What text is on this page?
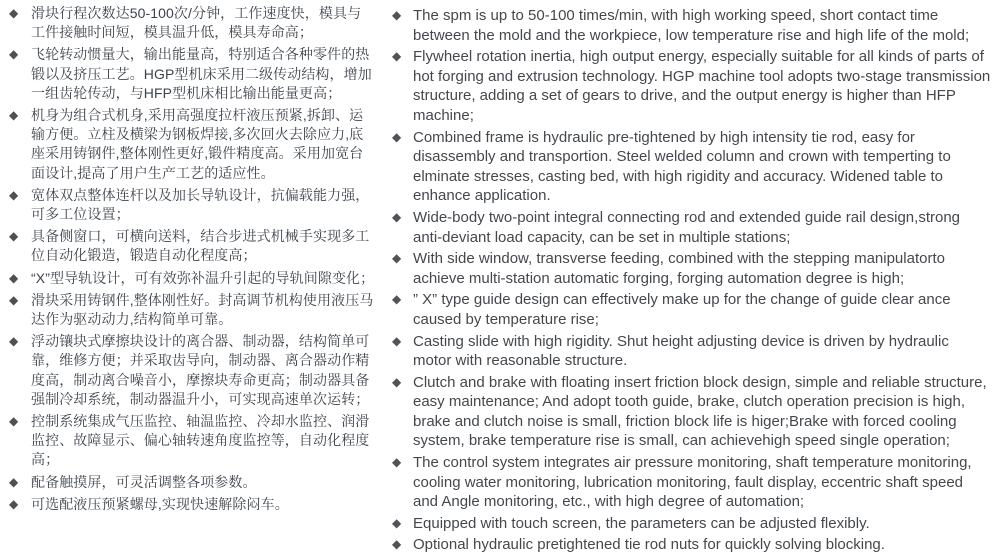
◆ 滑块行程次数达50-100次/分钟，工作速度快，模具与工件接触时间短，模具温升低，模具寿命高；
◆ 飞轮转动惯量大，输出能量高，特别适合各种零件的热锻以及挤压工艺。HGP型机床采用二级传动结构，增加一组齿轮传动，与HFP型机床相比输出能量更高；
◆ 机身为组合式机身,采用高强度拉杆液压预紧,拆卸、运输方便。立柱及横梁为钢板焊接,多次回火去除应力,底座采用铸钢件,整体刚性更好,锻件精度高。采用加宽台面设计,提高了用户生产工艺的适应性。
◆ 宽体双点整体连杆以及加长导轨设计，抗偏载能力强，可多工位设置；
◆ 具备侧窗口，可横向送料，结合步进式机械手实现多工位自动化锻造，锻造自动化程度高；
◆ “X”型导轨设计，可有效弥补温升引起的导轨间隙变化；
◆ 滑块采用铸钢件,整体刚性好。封高调节机构使用液压马达作为驱动动力,结构简单可靠。
◆ 浮动镶块式摩擦块设计的离合器、制动器，结构简单可靠，维修方便；并采取齿导向，制动器、离合器动作精度高，制动离合噪音小，摩擦块寿命更高；制动器具备强制冷却系统，制动器温升小，可实现高速单次运转；
◆ 控制系统集成气压监控、轴温监控、冷却水监控、润滑监控、故障显示、偏心轴转速角度监控等，自动化程度高；
◆ 配备触摸屏，可灵活调整各项参数。
◆ 可选配液压预紧螺母,实现快速解除闷车。
◆ The spm is up to 50-100 times/min, with high working speed, short contact time between the mold and the workpiece, low temperature rise and high life of the mold;
◆ Flywheel rotation inertia, high output energy, especially suitable for all kinds of parts of hot forging and extrusion technology. HGP machine tool adopts two-stage transmission structure, adding a set of gears to drive, and the output energy is higher than HFP machine;
◆ Combined frame is hydraulic pre-tightened by high intensity tie rod, easy for disassembly and transportion. Steel welded column and crown with temperting to elminate stresses, casting bed, with high rigidity and accuracy. Widened table to enhance application.
◆ Wide-body two-point integral connecting rod and extended guide rail design,strong anti-deviant load capacity, can be set in multiple stations;
◆ With side window, transverse feeding, combined with the stepping manipulatorto achieve multi-station automatic forging, forging automation degree is high;
◆ ” X” type guide design can effectively make up for the change of guide clear ance caused by temperature rise;
◆ Casting slide with high rigidity. Shut height adjusting device is driven by hydraulic motor with reasonable structure.
◆ Clutch and brake with floating insert friction block design, simple and reliable structure, easy maintenance; And adopt tooth guide, brake, clutch operation precision is high, brake and clutch noise is small, friction block life is higer;Brake with forced cooling system, brake temperature rise is small, can achievehigh speed single operation;
◆ The control system integrates air pressure monitoring, shaft temperature monitoring, cooling water monitoring, lubrication monitoring, fault display, eccentric shaft speed and Angle monitoring, etc., with high degree of automation;
◆ Equipped with touch screen, the parameters can be adjusted flexibly.
◆ Optional hydraulic pretightened tie rod nuts for quickly solving blocking.
